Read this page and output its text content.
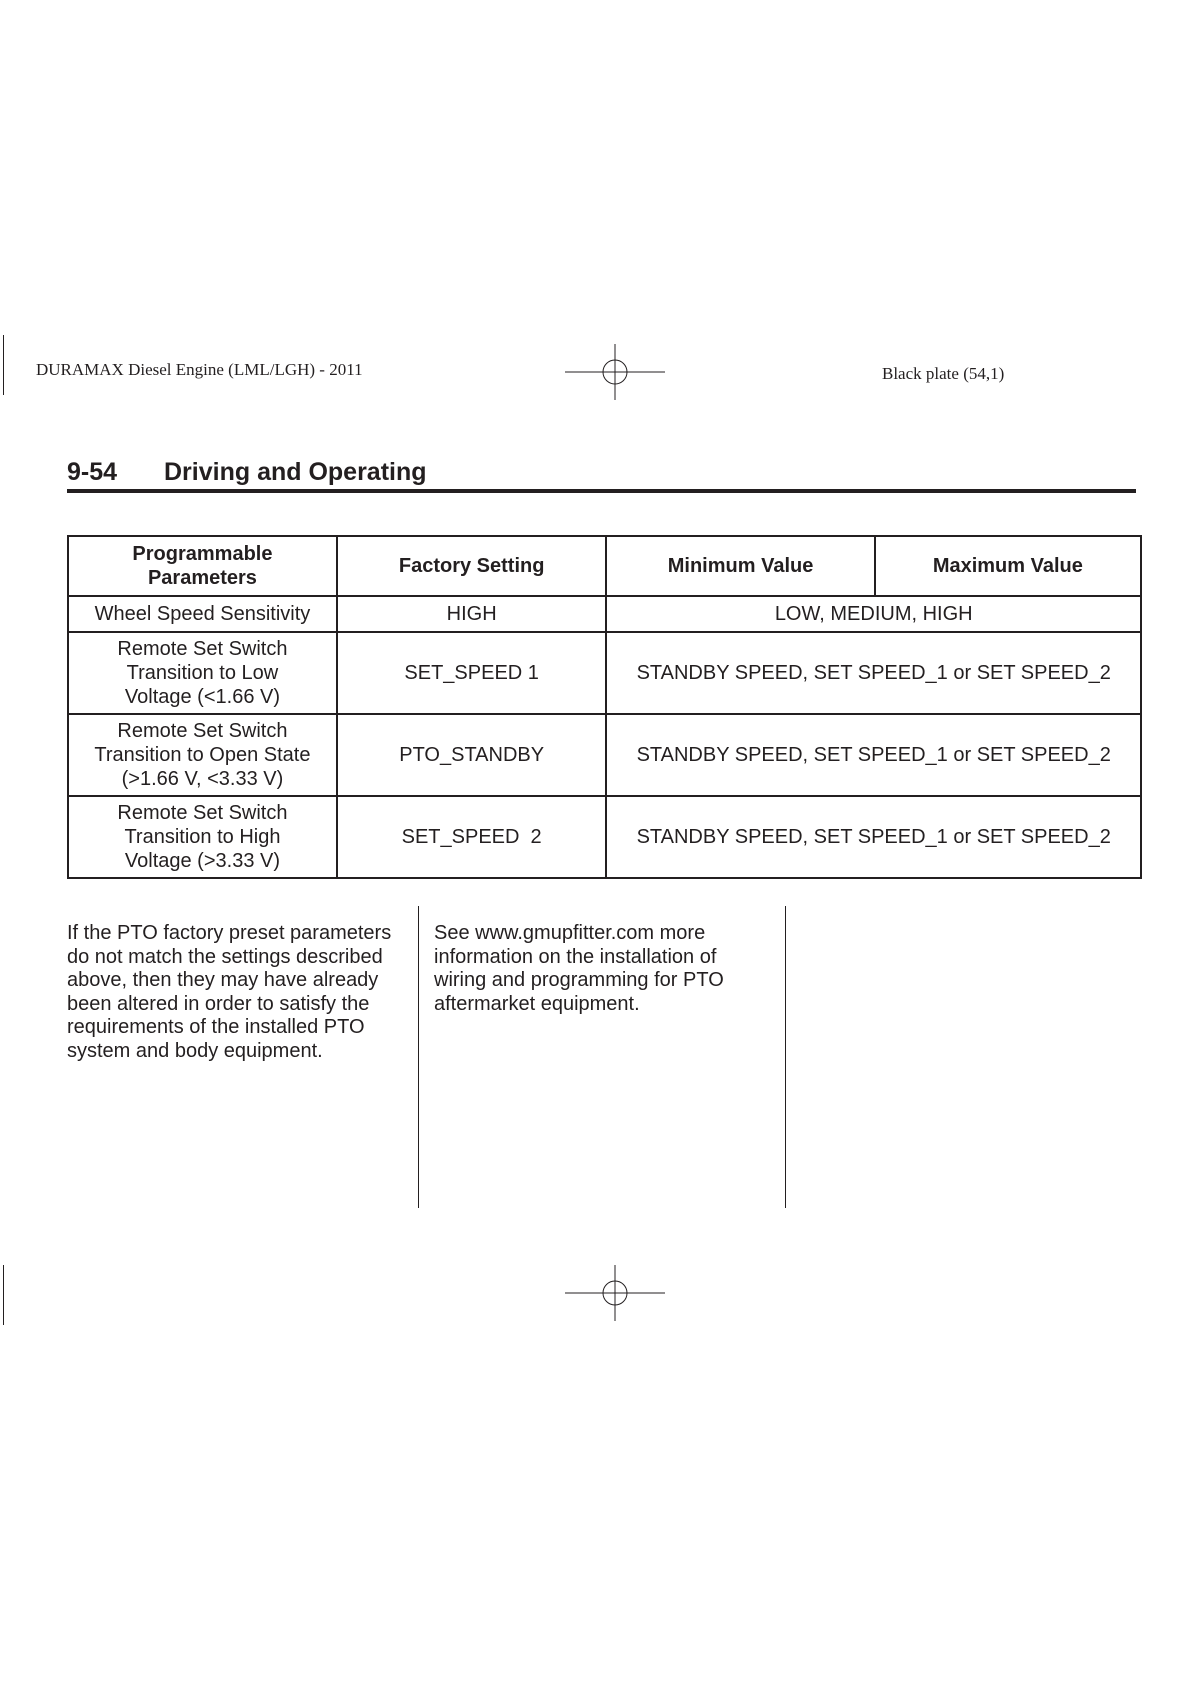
DURAMAX Diesel Engine (LML/LGH) - 2011	Black plate (54,1)
9-54 Driving and Operating
Programmable Parameters	Factory Setting	Minimum Value	Maximum Value
Wheel Speed Sensitivity	HIGH	LOW, MEDIUM, HIGH	

Remote Set Switch Transition to Low Voltage (<1.66 V)	SET_SPEED 1	STANDBY SPEED, SET SPEED_1 or SET SPEED_2	

Remote Set Switch Transition to Open State (>1.66 V, <3.33 V)	PTO_STANDBY	STANDBY SPEED, SET SPEED_1 or SET SPEED_2	

Remote Set Switch Transition to High Voltage (>3.33 V)	SET_SPEED  2	STANDBY SPEED, SET SPEED_1 or SET SPEED_2	
If the PTO factory preset parameters do not match the settings described above, then they may have already been altered in order to satisfy the requirements of the installed PTO system and body equipment.
See www.gmupfitter.com more information on the installation of wiring and programming for PTO aftermarket equipment.
